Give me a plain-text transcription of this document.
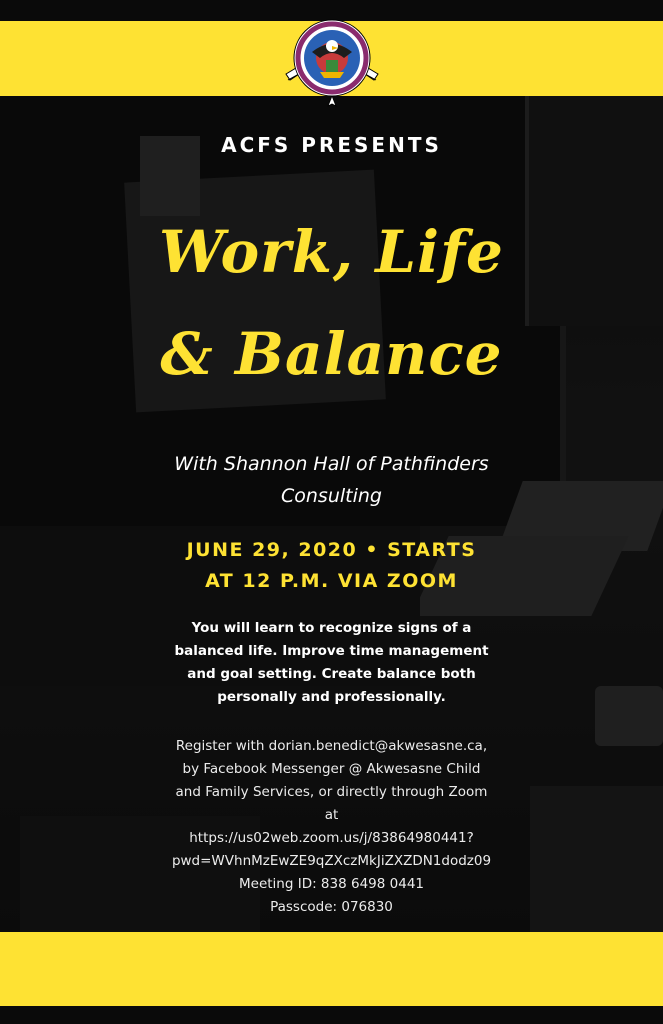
ACFS PRESENTS
Work, Life
& Balance
With Shannon Hall of Pathfinders
Consulting
JUNE 29, 2020 • STARTS
AT 12 P.M. VIA ZOOM
You will learn to recognize signs of a
balanced life. Improve time management
and goal setting. Create balance both
personally and professionally.
Register with dorian.benedict@akwesasne.ca,
by Facebook Messenger @ Akwesasne Child
and Family Services, or directly through Zoom
at
https://us02web.zoom.us/j/83864980441?
pwd=WVhnMzEwZE9qZXczMkJiZXZDN1dodz09
Meeting ID: 838 6498 0441
Passcode: 076830
